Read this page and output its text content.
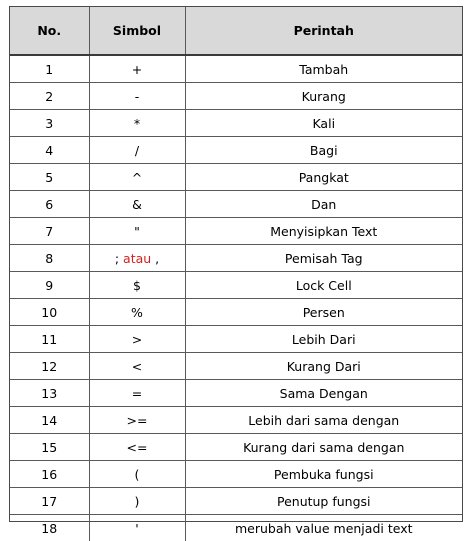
No.	Simbol	Perintah
1	+	Tambah
2	-	Kurang
3	*	Kali
4	/	Bagi
5	^	Pangkat
6	&	Dan
7	"	Menyisipkan Text
8	; atau ,	Pemisah Tag
9	$	Lock Cell
10	%	Persen
11	>	Lebih Dari
12	<	Kurang Dari
13	=	Sama Dengan
14	>=	Lebih dari sama dengan
15	<=	Kurang dari sama dengan
16	(	Pembuka fungsi
17	)	Penutup fungsi
18	'	merubah value menjadi text
